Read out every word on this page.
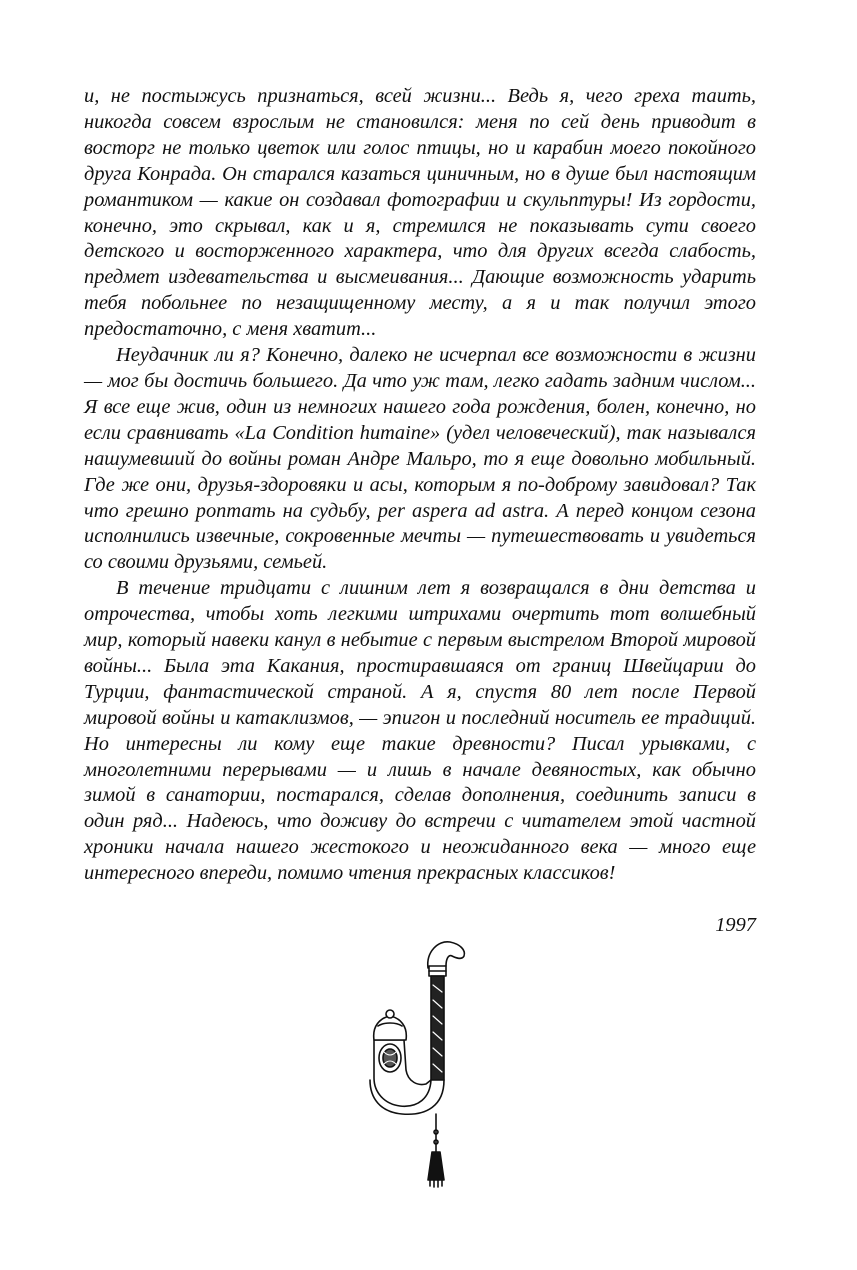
и, не постыжусь признаться, всей жизни... Ведь я, чего греха таить, никогда совсем взрослым не становился: меня по сей день приводит в восторг не только цветок или голос птицы, но и карабин моего покойного друга Конрада. Он старался казаться циничным, но в душе был настоящим романтиком — какие он создавал фотографии и скульптуры! Из гордости, конечно, это скрывал, как и я, стремился не показывать сути своего детского и восторженного характера, что для других всегда слабость, предмет издевательства и высмеивания... Дающие возможность ударить тебя побольнее по незащищенному месту, а я и так получил этого предостаточно, с меня хватит...

Неудачник ли я? Конечно, далеко не исчерпал все возможности в жизни — мог бы достичь большего. Да что уж там, легко гадать задним числом... Я все еще жив, один из немногих нашего года рождения, болен, конечно, но если сравнивать «La Condition humaine» (удел человеческий), так назывался нашумевший до войны роман Андре Мальро, то я еще довольно мобильный. Где же они, друзья-здоровяки и асы, которым я по-доброму завидовал? Так что грешно роптать на судьбу, per aspera ad astra. А перед концом сезона исполнились извечные, сокровенные мечты — путешествовать и увидеться со своими друзьями, семьей.

В течение тридцати с лишним лет я возвращался в дни детства и отрочества, чтобы хоть легкими штрихами очертить тот волшебный мир, который навеки канул в небытие с первым выстрелом Второй мировой войны... Была эта Какания, простиравшаяся от границ Швейцарии до Турции, фантастической страной. А я, спустя 80 лет после Первой мировой войны и катаклизмов, — эпигон и последний носитель ее традиций. Но интересны ли кому еще такие древности? Писал урывками, с многолетними перерывами — и лишь в начале девяностых, как обычно зимой в санатории, постарался, сделав дополнения, соединить записи в один ряд... Надеюсь, что доживу до встречи с читателем этой частной хроники начала нашего жестокого и неожиданного века — много еще интересного впереди, помимо чтения прекрасных классиков!

1997
